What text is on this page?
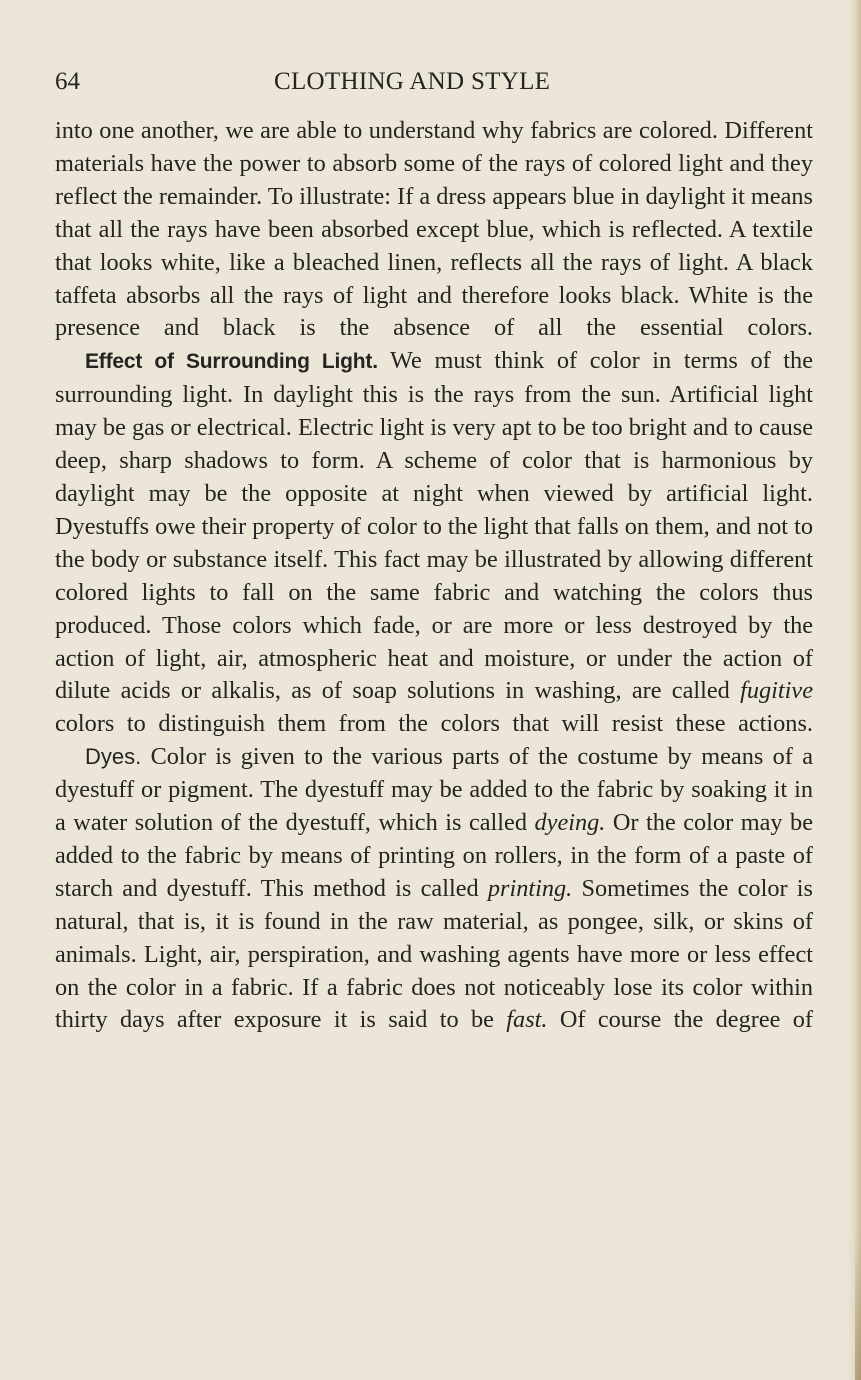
64	CLOTHING AND STYLE

into one another, we are able to understand why fabrics are colored. Different materials have the power to absorb some of the rays of colored light and they reflect the remainder. To illustrate: If a dress appears blue in daylight it means that all the rays have been absorbed except blue, which is reflected. A textile that looks white, like a bleached linen, reflects all the rays of light. A black taffeta absorbs all the rays of light and therefore looks black. White is the presence and black is the absence of all the essential colors.

Effect of Surrounding Light. We must think of color in terms of the surrounding light. In daylight this is the rays from the sun. Artificial light may be gas or electrical. Electric light is very apt to be too bright and to cause deep, sharp shadows to form. A scheme of color that is harmonious by daylight may be the opposite at night when viewed by artificial light. Dyestuffs owe their property of color to the light that falls on them, and not to the body or substance itself. This fact may be illustrated by allowing different colored lights to fall on the same fabric and watching the colors thus produced. Those colors which fade, or are more or less destroyed by the action of light, air, atmospheric heat and moisture, or under the action of dilute acids or alkalis, as of soap solutions in washing, are called fugitive colors to distinguish them from the colors that will resist these actions.

Dyes. Color is given to the various parts of the costume by means of a dyestuff or pigment. The dyestuff may be added to the fabric by soaking it in a water solution of the dyestuff, which is called dyeing. Or the color may be added to the fabric by means of printing on rollers, in the form of a paste of starch and dyestuff. This method is called printing. Sometimes the color is natural, that is, it is found in the raw material, as pongee, silk, or skins of animals. Light, air, perspiration, and washing agents have more or less effect on the color in a fabric. If a fabric does not noticeably lose its color within thirty days after exposure it is said to be fast. Of course the degree of
